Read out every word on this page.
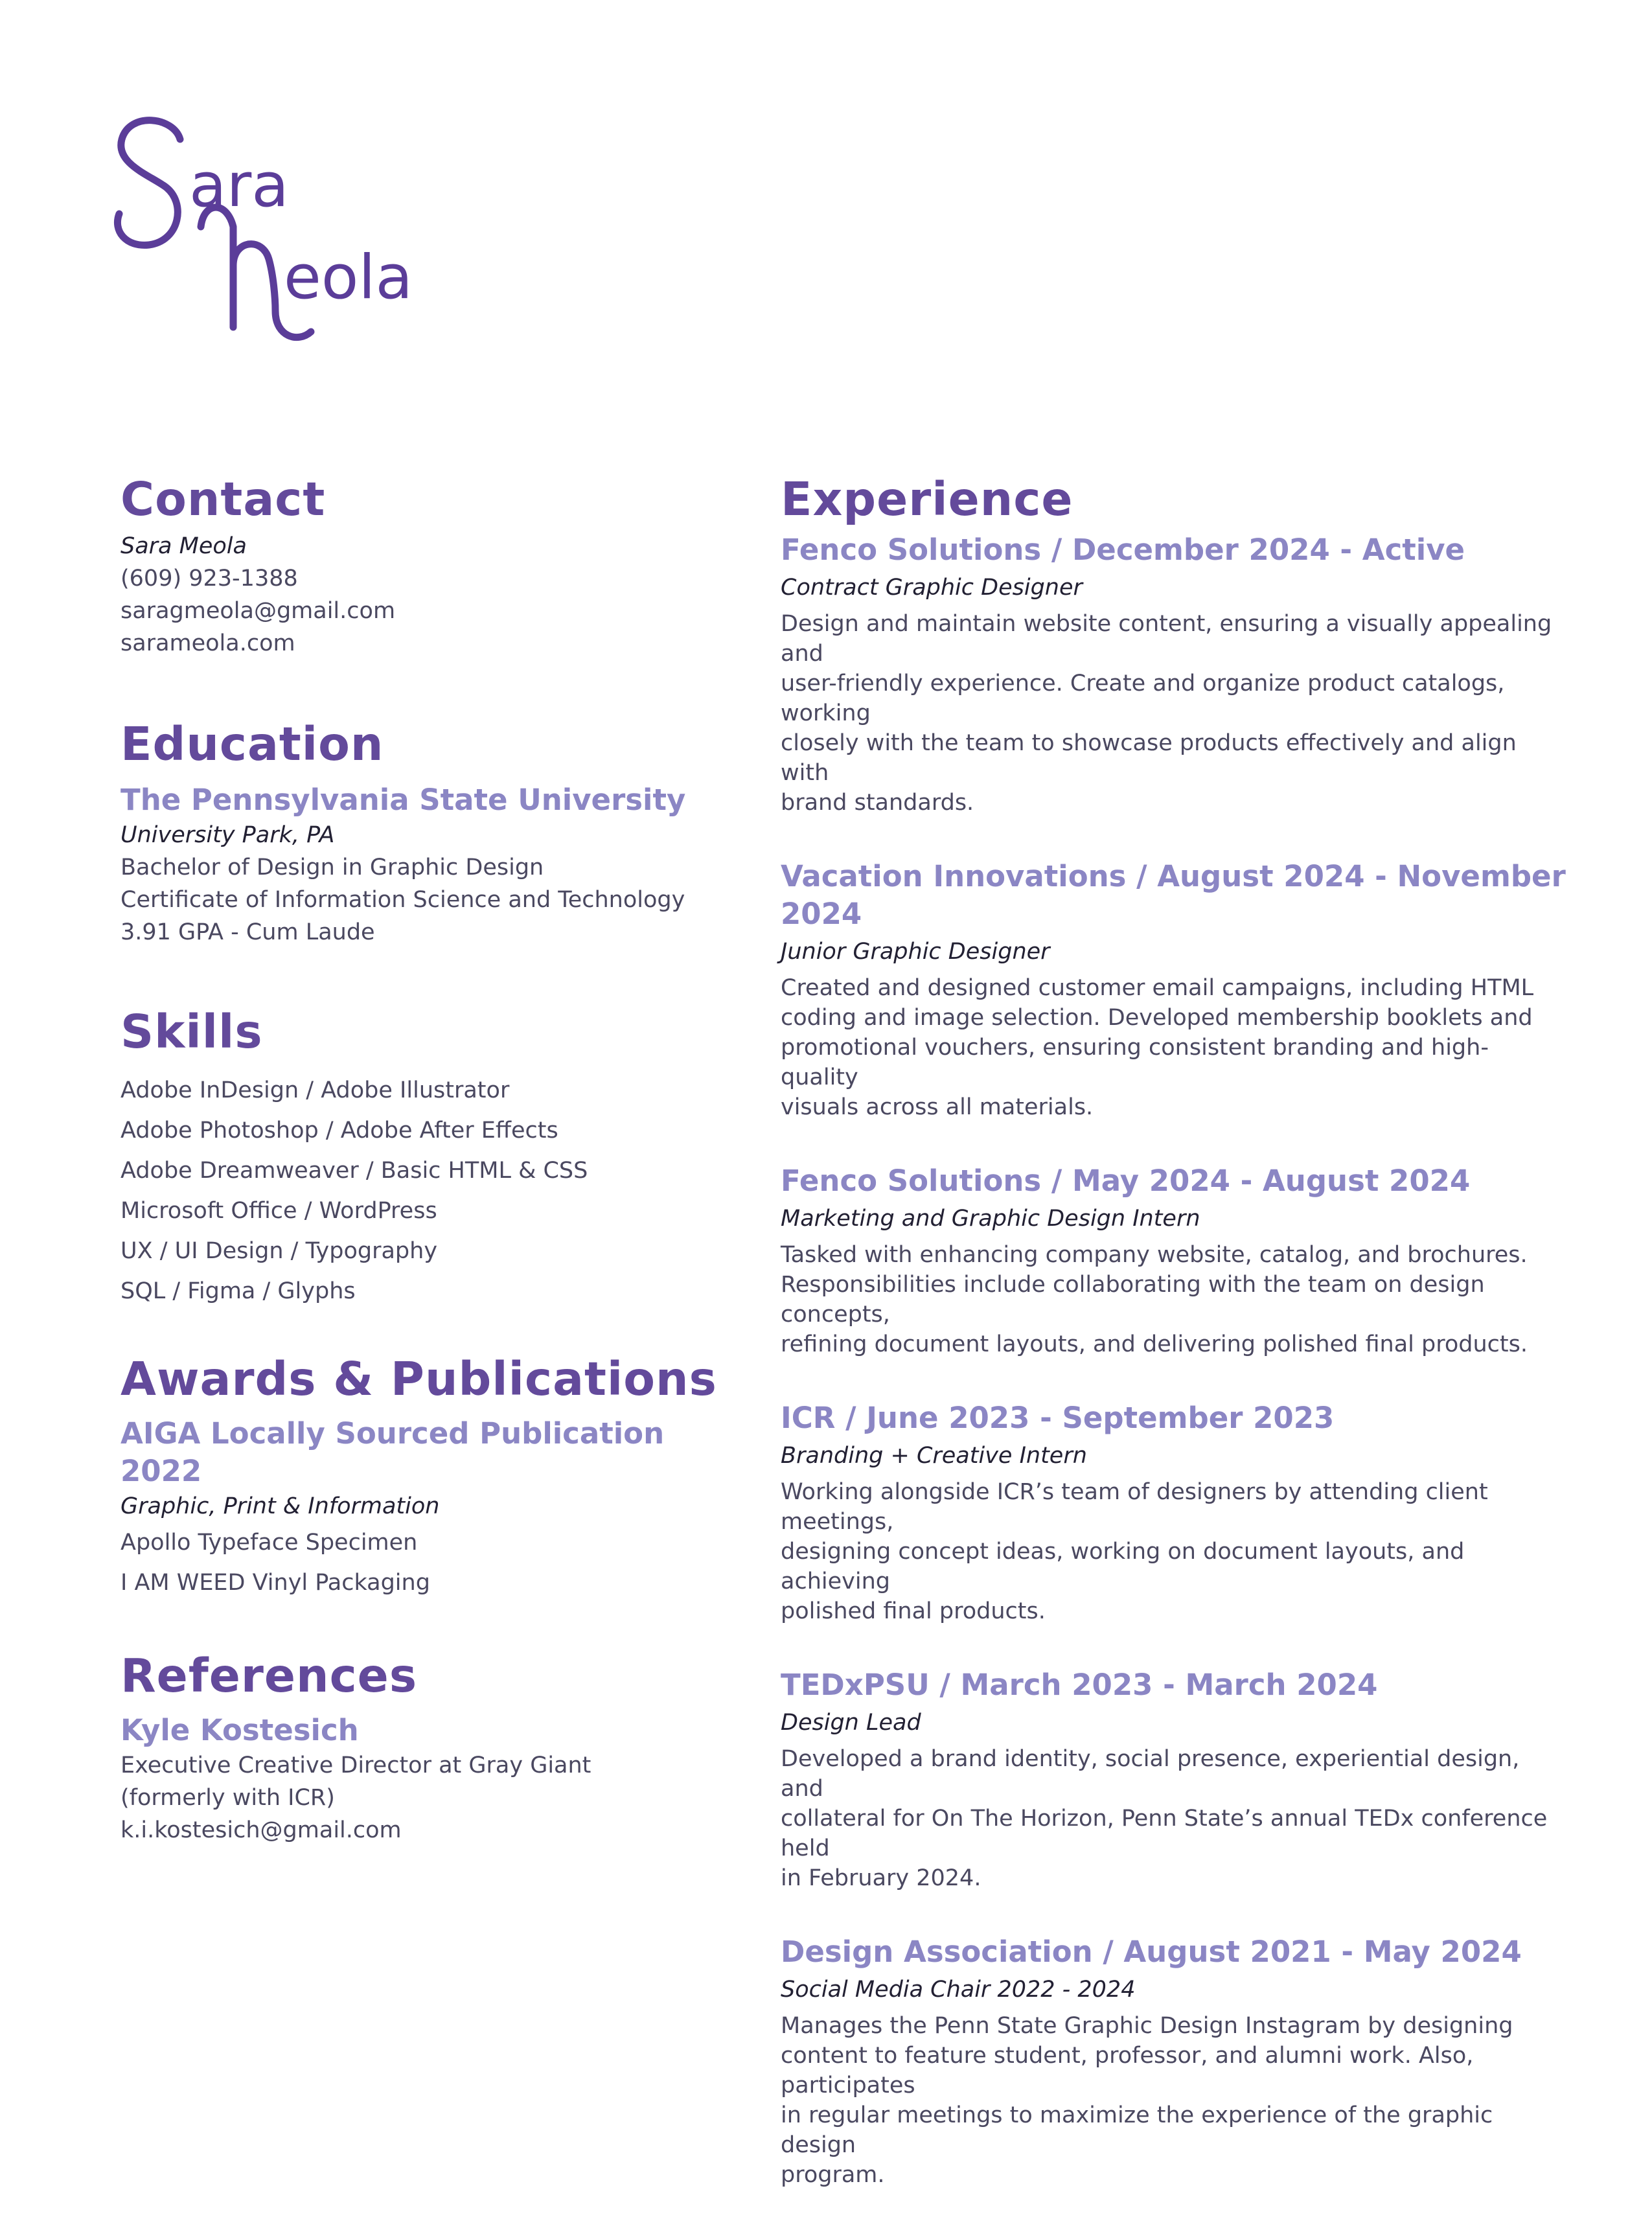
ara
eola
Contact

Sara Meola

(609) 923-1388

saragmeola@gmail.com

sarameola.com

Education

The Pennsylvania State University

University Park, PA

Bachelor of Design in Graphic Design

Certificate of Information Science and Technology

3.91 GPA - Cum Laude

Skills
Adobe InDesign / Adobe Illustrator
Adobe Photoshop / Adobe After Effects
Adobe Dreamweaver / Basic HTML & CSS
Microsoft Office / WordPress
UX / UI Design / Typography
SQL / Figma / Glyphs
Awards & Publications

AIGA Locally Sourced Publication 2022

Graphic, Print & Information

Apollo Typeface Specimen
I AM WEED Vinyl Packaging
References

Kyle Kostesich

Executive Creative Director at Gray Giant

(formerly with ICR)

k.i.kostesich@gmail.com

Experience

Fenco Solutions / December 2024 - Active

Contract Graphic Designer

Design and maintain website content, ensuring a visually appealing and

user-friendly experience. Create and organize product catalogs, working

closely with the team to showcase products effectively and align with

brand standards.

Vacation Innovations / August 2024 - November 2024

Junior Graphic Designer

Created and designed customer email campaigns, including HTML

coding and image selection. Developed membership booklets and

promotional vouchers, ensuring consistent branding and high-quality

visuals across all materials.

Fenco Solutions / May 2024 - August 2024

Marketing and Graphic Design Intern

Tasked with enhancing company website, catalog, and brochures.

Responsibilities include collaborating with the team on design concepts,

refining document layouts, and delivering polished final products.

ICR / June 2023 - September 2023

Branding + Creative Intern

Working alongside ICR’s team of designers by attending client meetings,

designing concept ideas, working on document layouts, and achieving

polished final products.

TEDxPSU / March 2023 - March 2024

Design Lead

Developed a brand identity, social presence, experiential design, and

collateral for On The Horizon, Penn State’s annual TEDx conference held

in February 2024.

Design Association / August 2021 - May 2024

Social Media Chair 2022 - 2024

Manages the Penn State Graphic Design Instagram by designing

content to feature student, professor, and alumni work. Also, participates

in regular meetings to maximize the experience of the graphic design

program.
